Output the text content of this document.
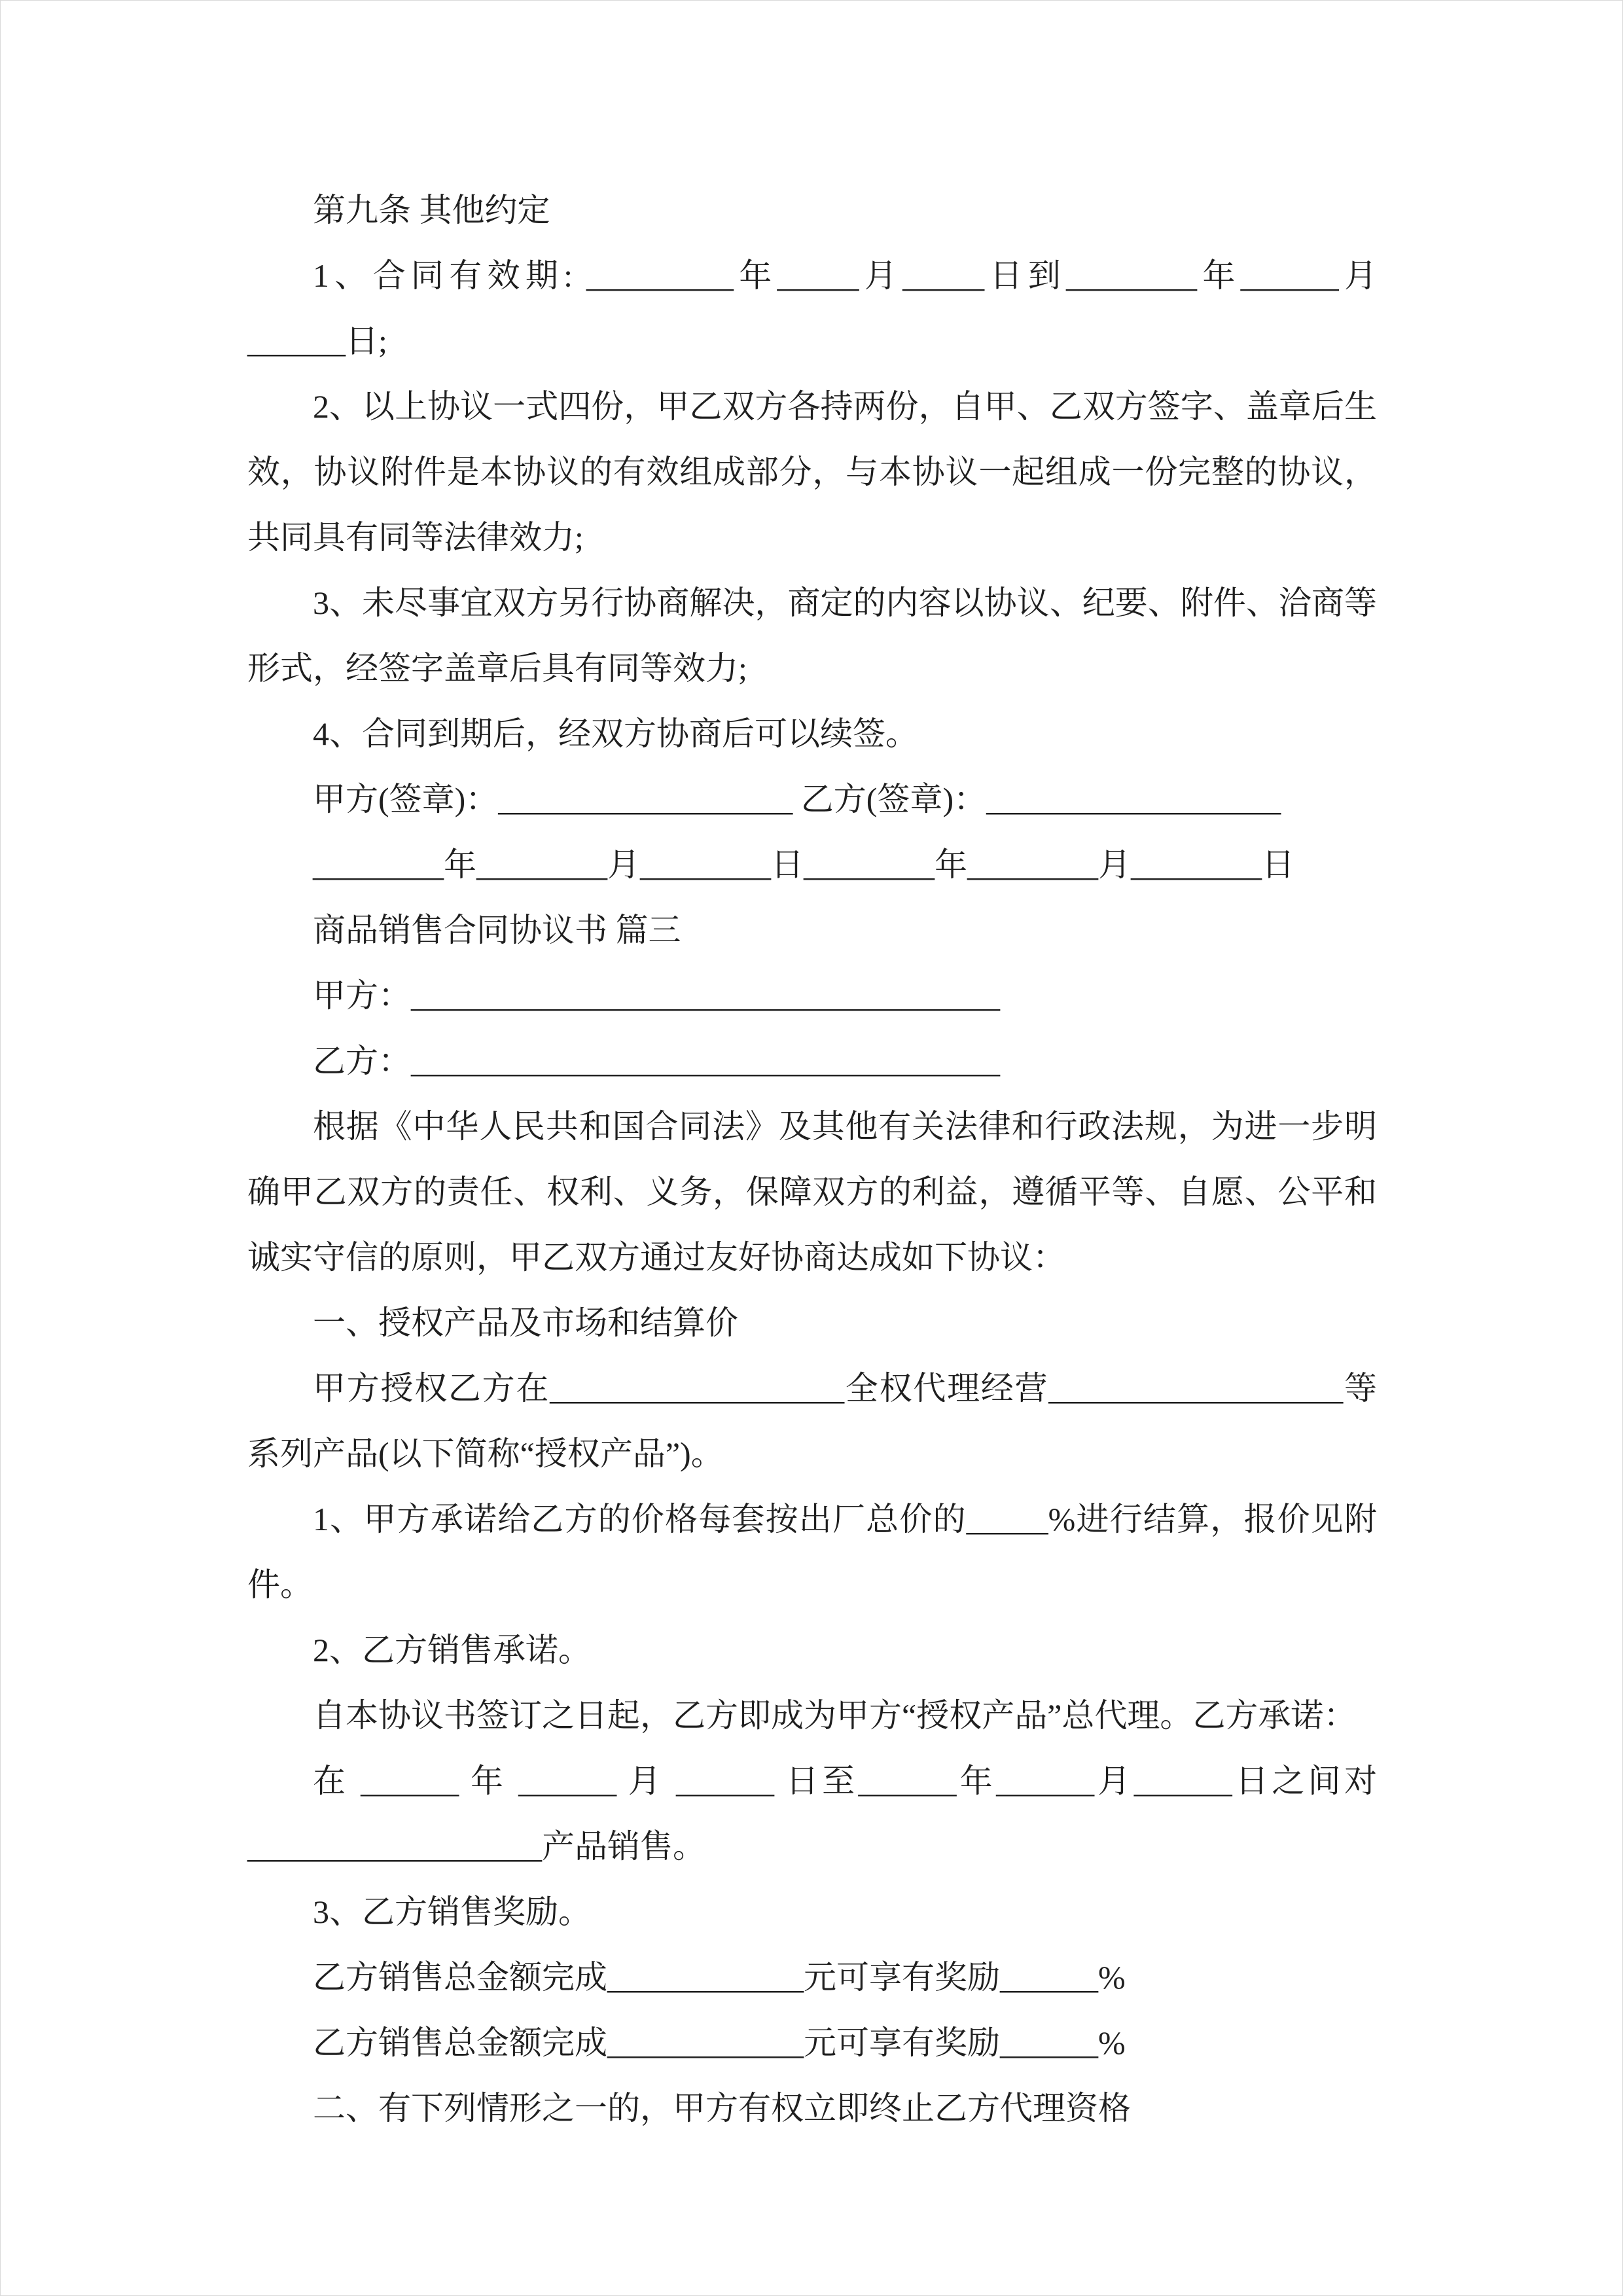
第九条 其他约定

1、合同有效期: _________年_____月_____日到________年______月______日;

2、以上协议一式四份，甲乙双方各持两份，自甲、乙双方签字、盖章后生效，协议附件是本协议的有效组成部分，与本协议一起组成一份完整的协议，共同具有同等法律效力;

3、未尽事宜双方另行协商解决，商定的内容以协议、纪要、附件、洽商等形式，经签字盖章后具有同等效力;

4、合同到期后，经双方协商后可以续签。

甲方(签章)：__________________ 乙方(签章)：__________________

________年________月________日________年________月________日

商品销售合同协议书 篇三

甲方：____________________________________

乙方：____________________________________

根据《中华人民共和国合同法》及其他有关法律和行政法规，为进一步明确甲乙双方的责任、权利、义务，保障双方的利益，遵循平等、自愿、公平和诚实守信的原则，甲乙双方通过友好协商达成如下协议：

一、授权产品及市场和结算价

甲方授权乙方在__________________全权代理经营__________________等系列产品(以下简称“授权产品”)。

1、甲方承诺给乙方的价格每套按出厂总价的_____%进行结算，报价见附件。

2、乙方销售承诺。

自本协议书签订之日起，乙方即成为甲方“授权产品”总代理。乙方承诺：

在 ______ 年 ______ 月 ______ 日至______年______月______日之间对__________________产品销售。

3、乙方销售奖励。

乙方销售总金额完成____________元可享有奖励______%

乙方销售总金额完成____________元可享有奖励______%

二、有下列情形之一的，甲方有权立即终止乙方代理资格
